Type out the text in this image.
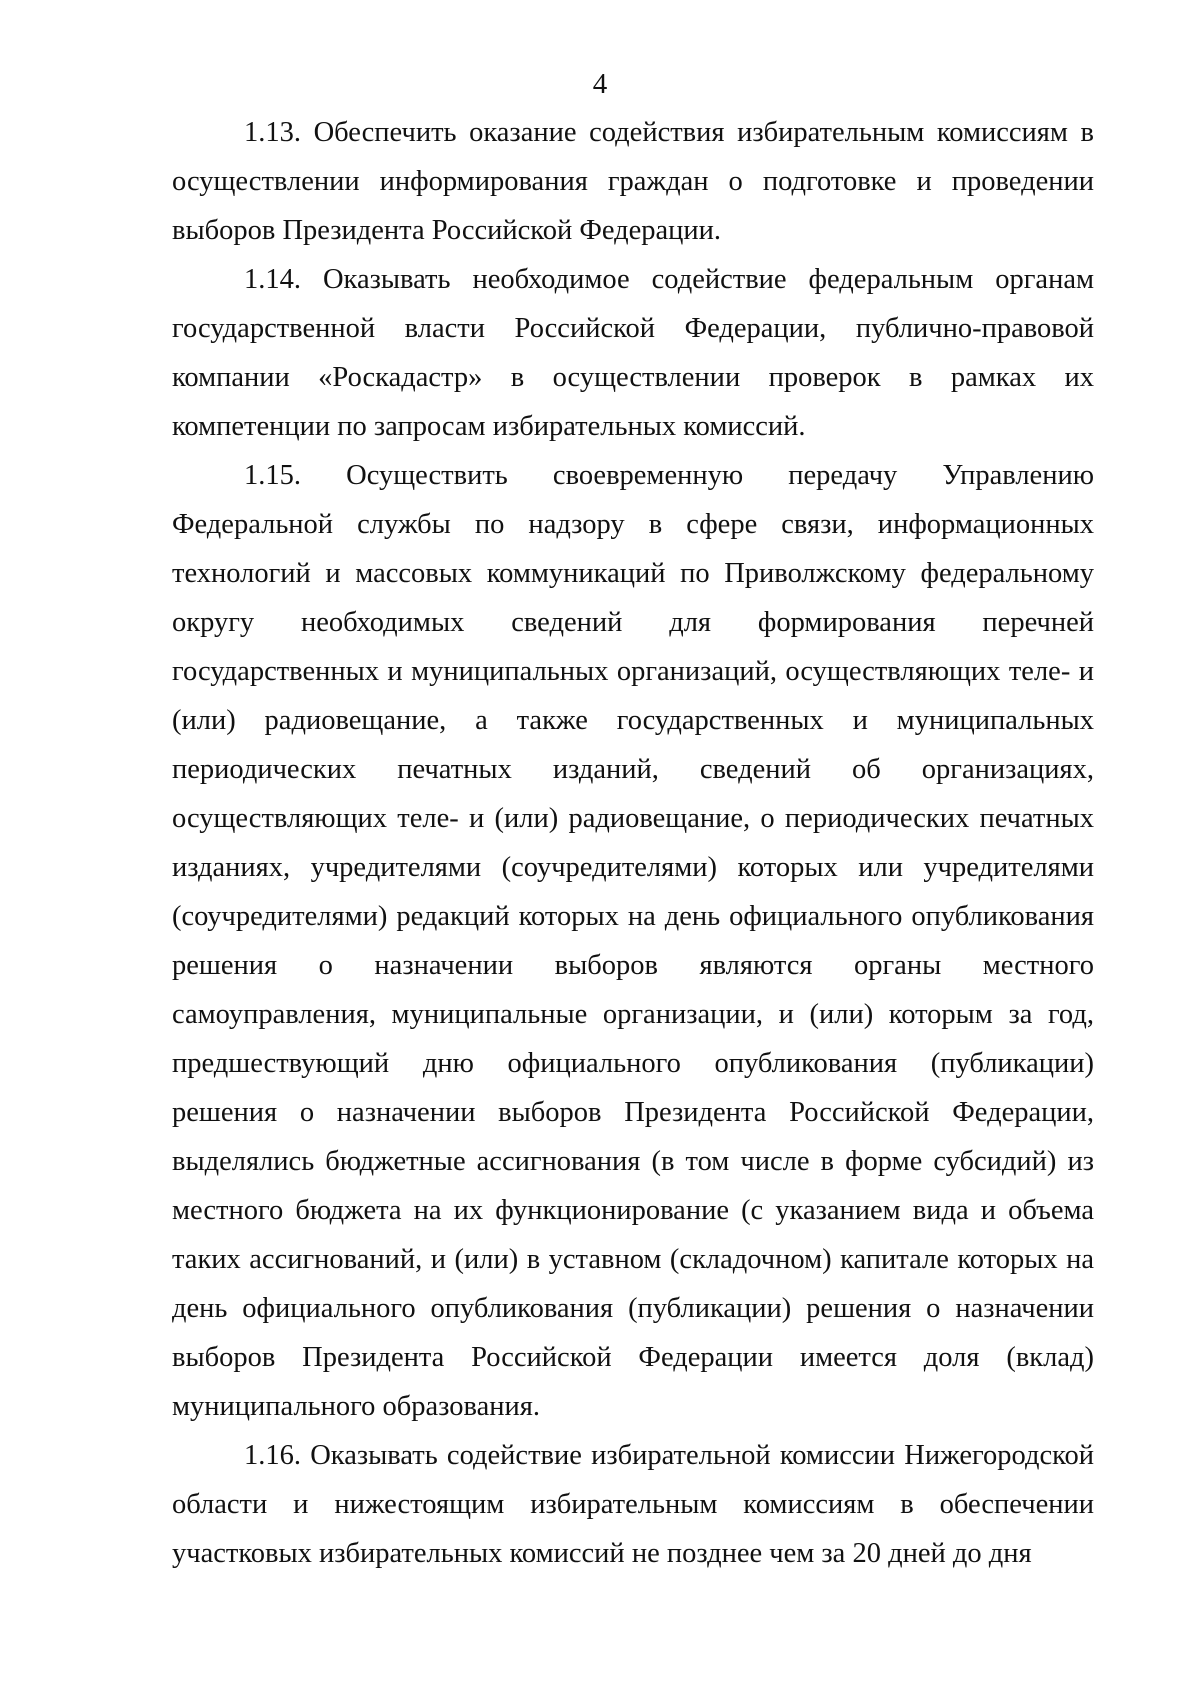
4

1.13. Обеспечить оказание содействия избирательным комиссиям в осуществлении информирования граждан о подготовке и проведении выборов Президента Российской Федерации.

1.14. Оказывать необходимое содействие федеральным органам государственной власти Российской Федерации, публично-правовой компании «Роскадастр» в осуществлении проверок в рамках их компетенции по запросам избирательных комиссий.

1.15. Осуществить своевременную передачу Управлению Федеральной службы по надзору в сфере связи, информационных технологий и массовых коммуникаций по Приволжскому федеральному округу необходимых сведений для формирования перечней государственных и муниципальных организаций, осуществляющих теле- и (или) радиовещание, а также государственных и муниципальных периодических печатных изданий, сведений об организациях, осуществляющих теле- и (или) радиовещание, о периодических печатных изданиях, учредителями (соучредителями) которых или учредителями (соучредителями) редакций которых на день официального опубликования решения о назначении выборов являются органы местного самоуправления, муниципальные организации, и (или) которым за год, предшествующий дню официального опубликования (публикации) решения о назначении выборов Президента Российской Федерации, выделялись бюджетные ассигнования (в том числе в форме субсидий) из местного бюджета на их функционирование (с указанием вида и объема таких ассигнований, и (или) в уставном (складочном) капитале которых на день официального опубликования (публикации) решения о назначении выборов Президента Российской Федерации имеется доля (вклад) муниципального образования.

1.16. Оказывать содействие избирательной комиссии Нижегородской области и нижестоящим избирательным комиссиям в обеспечении участковых избирательных комиссий не позднее чем за 20 дней до дня
